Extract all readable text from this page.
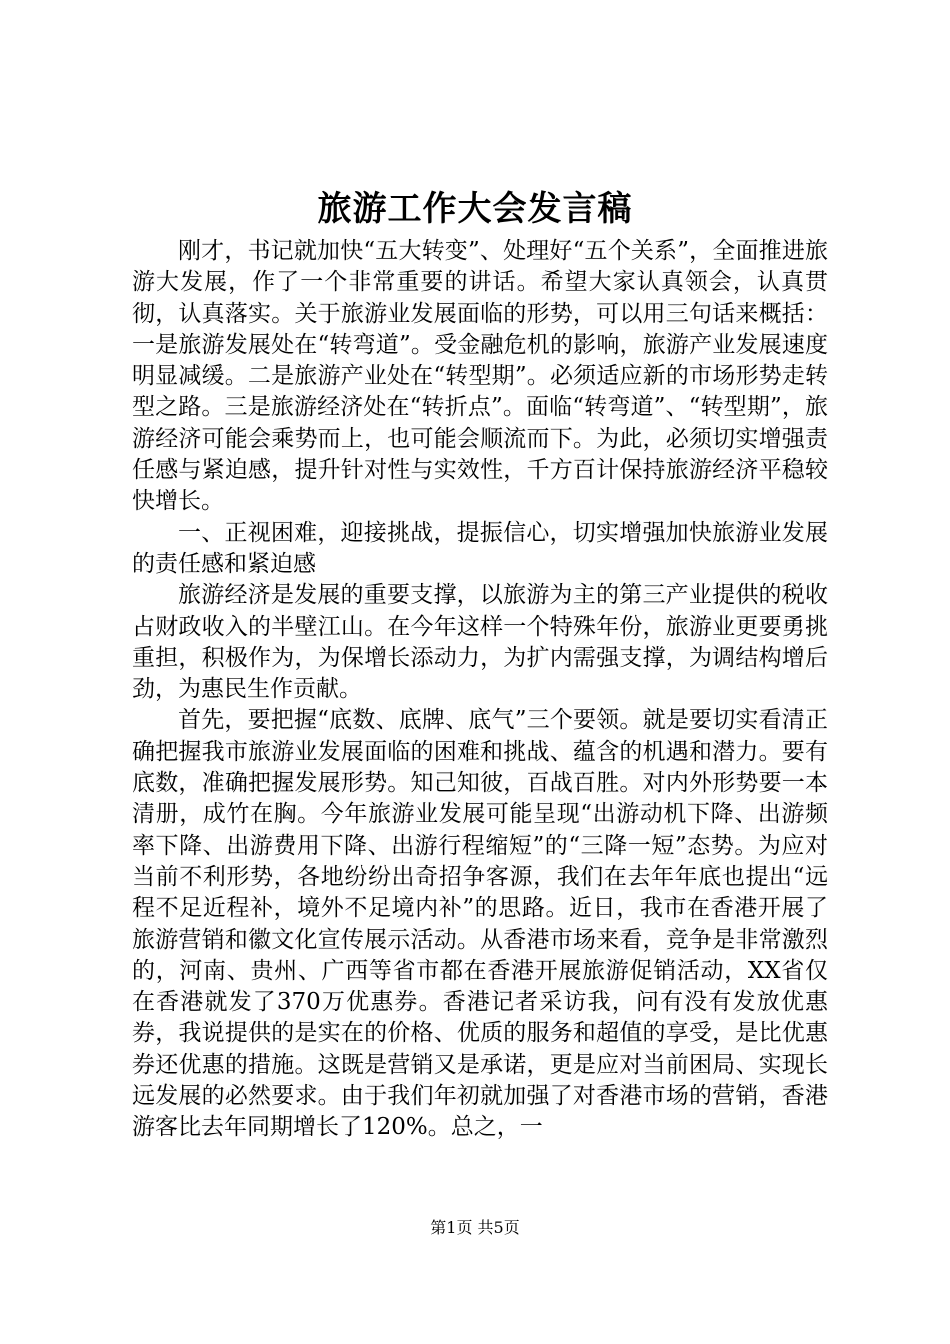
旅游工作大会发言稿

刚才，书记就加快“五大转变”、处理好“五个关系”，全面推进旅游大发展，作了一个非常重要的讲话。希望大家认真领会，认真贯彻，认真落实。关于旅游业发展面临的形势，可以用三句话来概括：一是旅游发展处在“转弯道”。受金融危机的影响，旅游产业发展速度明显减缓。二是旅游产业处在“转型期”。必须适应新的市场形势走转型之路。三是旅游经济处在“转折点”。面临“转弯道”、“转型期”，旅游经济可能会乘势而上，也可能会顺流而下。为此，必须切实增强责任感与紧迫感，提升针对性与实效性，千方百计保持旅游经济平稳较快增长。

一、正视困难，迎接挑战，提振信心，切实增强加快旅游业发展的责任感和紧迫感

旅游经济是发展的重要支撑，以旅游为主的第三产业提供的税收占财政收入的半壁江山。在今年这样一个特殊年份，旅游业更要勇挑重担，积极作为，为保增长添动力，为扩内需强支撑，为调结构增后劲，为惠民生作贡献。

首先，要把握“底数、底牌、底气”三个要领。就是要切实看清正确把握我市旅游业发展面临的困难和挑战、蕴含的机遇和潜力。要有底数，准确把握发展形势。知己知彼，百战百胜。对内外形势要一本清册，成竹在胸。今年旅游业发展可能呈现“出游动机下降、出游频率下降、出游费用下降、出游行程缩短”的“三降一短”态势。为应对当前不利形势，各地纷纷出奇招争客源，我们在去年年底也提出“远程不足近程补，境外不足境内补”的思路。近日，我市在香港开展了旅游营销和徽文化宣传展示活动。从香港市场来看，竞争是非常激烈的，河南、贵州、广西等省市都在香港开展旅游促销活动，XX省仅在香港就发了370万优惠券。香港记者采访我，问有没有发放优惠券，我说提供的是实在的价格、优质的服务和超值的享受，是比优惠券还优惠的措施。这既是营销又是承诺，更是应对当前困局、实现长远发展的必然要求。由于我们年初就加强了对香港市场的营销，香港游客比去年同期增长了120%。总之，一

第1页 共5页
